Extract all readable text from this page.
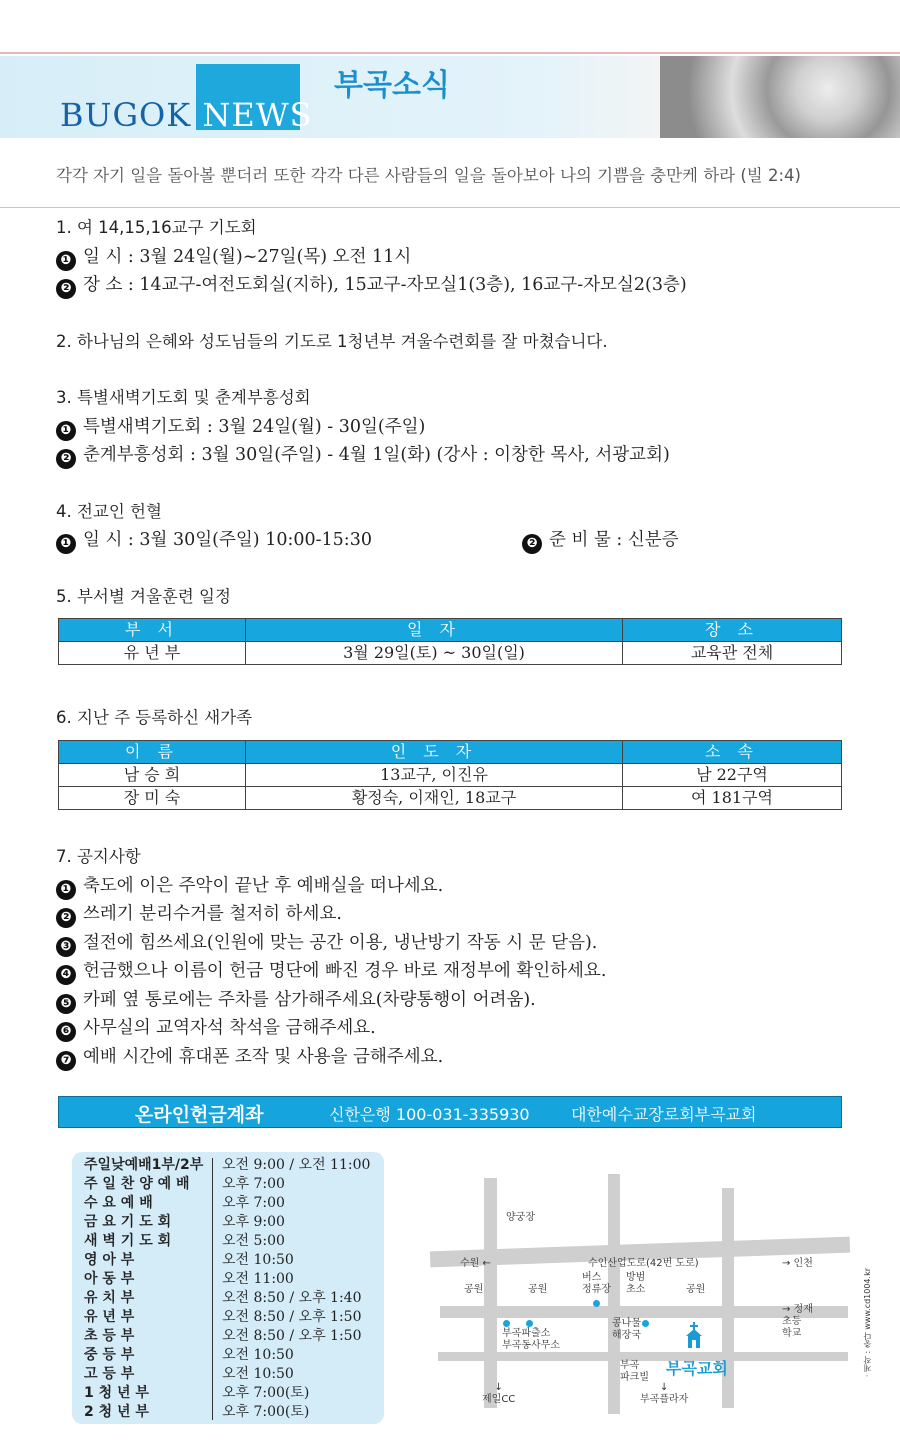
BUGOK NEWS
부곡소식
각각 자기 일을 돌아볼 뿐더러 또한 각각 다른 사람들의 일을 돌아보아 나의 기쁨을 충만케 하라 (빌 2:4)
1. 여 14,15,16교구 기도회
❶ 일 시 : 3월 24일(월)~27일(목) 오전 11시
❷ 장 소 : 14교구-여전도회실(지하), 15교구-자모실1(3층), 16교구-자모실2(3층)
2. 하나님의 은혜와 성도님들의 기도로 1청년부 겨울수련회를 잘 마쳤습니다.
3. 특별새벽기도회 및 춘계부흥성회
❶ 특별새벽기도회 : 3월 24일(월) - 30일(주일)
❷ 춘계부흥성회 : 3월 30일(주일) - 4월 1일(화) (강사 : 이창한 목사, 서광교회)
4. 전교인 헌혈
❶ 일 시 : 3월 30일(주일) 10:00-15:30	❷ 준 비 물 : 신분증
5. 부서별 겨울훈련 일정
부 서	일 자	장 소
유 년 부	3월 29일(토) ~ 30일(일)	교육관 전체
6. 지난 주 등록하신 새가족
이 름	인 도 자	소 속
남 승 희	13교구, 이진유	남 22구역
장 미 숙	황정숙, 이재인, 18교구	여 181구역
7. 공지사항
❶ 축도에 이은 주악이 끝난 후 예배실을 떠나세요.
❷ 쓰레기 분리수거를 철저히 하세요.
❸ 절전에 힘쓰세요(인원에 맞는 공간 이용, 냉난방기 작동 시 문 닫음).
❹ 헌금했으나 이름이 헌금 명단에 빠진 경우 바로 재정부에 확인하세요.
❺ 카페 옆 통로에는 주차를 삼가해주세요(차량통행이 어려움).
❻ 사무실의 교역자석 착석을 금해주세요.
❼ 예배 시간에 휴대폰 조작 및 사용을 금해주세요.
온라인헌금계좌	신한은행 100-031-335930	대한예수교장로회부곡교회
주일낮예배1부/2부 오전 9:00 / 오전 11:00
주 일 찬 양 예 배	오후 7:00
수 요 예 배	오후 7:00
금 요 기 도 회	오후 9:00
새 벽 기 도 회	오전 5:00
영 아 부	오전 10:50
아 동 부	오전 11:00
유 치 부	오전 8:50 / 오후 1:40
유 년 부	오전 8:50 / 오후 1:50
초 등 부	오전 8:50 / 오후 1:50
중 등 부	오전 10:50
고 등 부	오전 10:50
1 청 년 부	오후 7:00(토)
2 청 년 부	오후 7:00(토)
양궁장
수원 ←	수인산업도로(42번 도로)	→ 인천
공원	공원	공원
버스
정류장
방범
초소
부곡파출소
부곡동사무소
콩나물
해장국
→ 정재
초등
학교
부곡
파크빌 부곡교회
↓
제일CC
↓
부곡플라자
· 제작 : 충다 www.cd1004.kr
